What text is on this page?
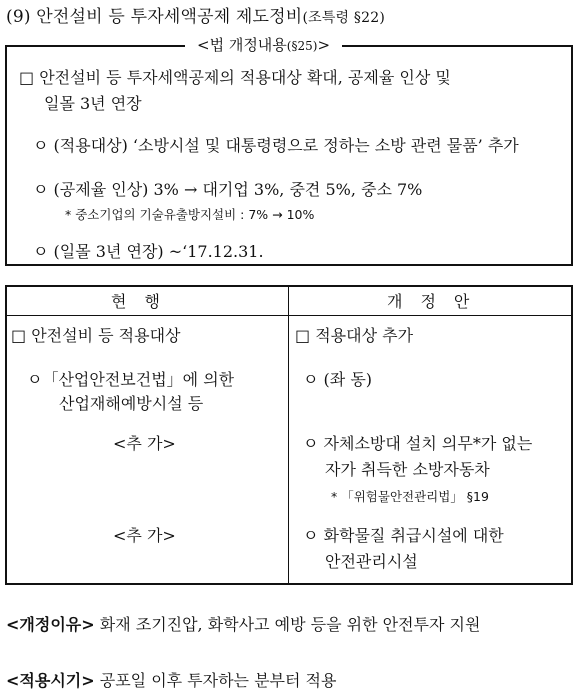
(9) 안전설비 등 투자세액공제 제도정비(조특령 §22)
<법 개정내용(§25)>
□ 안전설비 등 투자세액공제의 적용대상 확대, 공제율 인상 및
일몰 3년 연장
ㅇ (적용대상) ‘소방시설 및 대통령령으로 정하는 소방 관련 물품’ 추가
ㅇ (공제율 인상) 3% → 대기업 3%, 중견 5%, 중소 7%
* 중소기업의 기술유출방지설비 : 7% → 10%
ㅇ (일몰 3년 연장) ~‘17.12.31.
현행	개정안
□ 안전설비 등 적용대상
ㅇ「산업안전보건법」에 의한
산업재해예방시설 등
<추 가>
<추 가>
□ 적용대상 추가
ㅇ (좌 동)
ㅇ 자체소방대 설치 의무*가 없는
자가 취득한 소방자동차
* 「위험물안전관리법」 §19
ㅇ 화학물질 취급시설에 대한
안전관리시설
<개정이유> 화재 조기진압, 화학사고 예방 등을 위한 안전투자 지원
<적용시기> 공포일 이후 투자하는 분부터 적용
